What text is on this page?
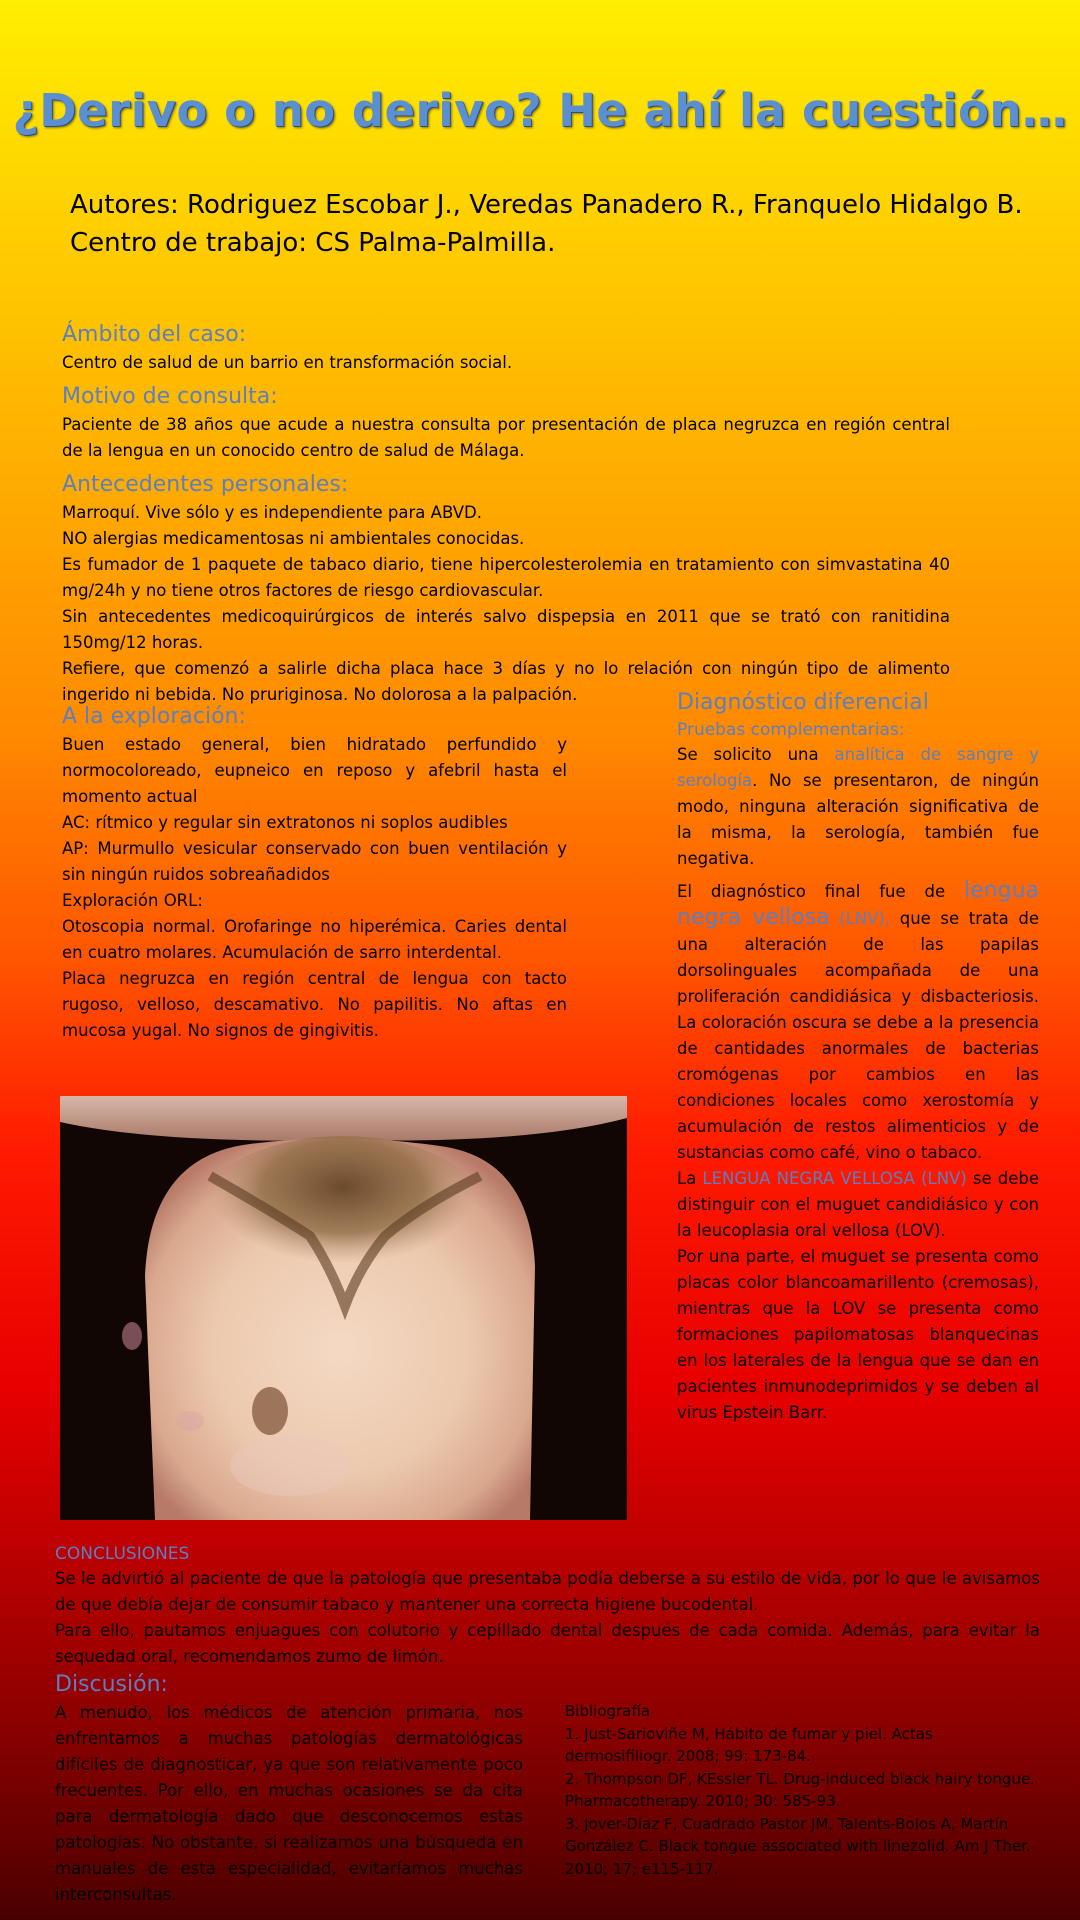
¿Derivo o no derivo? He ahí la cuestión…
Autores: Rodriguez Escobar J., Veredas Panadero R., Franquelo Hidalgo B.
Centro de trabajo: CS Palma-Palmilla.
Ámbito del caso:

Centro de salud de un barrio en transformación social.

Motivo de consulta:

Paciente de 38 años que acude a nuestra consulta por presentación de placa negruzca en región central de la lengua en un conocido centro de salud de Málaga.

Antecedentes personales:

Marroquí. Vive sólo y es independiente para ABVD.

NO alergias medicamentosas ni ambientales conocidas.

Es fumador de 1 paquete de tabaco diario, tiene hipercolesterolemia en tratamiento con simvastatina 40 mg/24h y no tiene otros factores de riesgo cardiovascular.

Sin antecedentes medicoquirúrgicos de interés salvo dispepsia en 2011 que se trató con ranitidina 150mg/12 horas.

Refiere, que comenzó a salirle dicha placa hace 3 días y no lo relación con ningún tipo de alimento ingerido ni bebida. No pruriginosa. No dolorosa a la palpación.

A la exploración:

Buen estado general, bien hidratado perfundido y normocoloreado, eupneico en reposo y afebril hasta el momento actual

AC: rítmico y regular sin extratonos ni soplos audibles

AP: Murmullo vesicular conservado con buen ventilación y sin ningún ruidos sobreañadidos

Exploración ORL:

Otoscopia normal. Orofaringe no hiperémica. Caries dental en cuatro molares. Acumulación de sarro interdental.

Placa negruzca en región central de lengua con tacto rugoso, velloso, descamativo. No papilitis. No aftas en mucosa yugal. No signos de gingivitis.

Diagnóstico diferencial
Pruebas complementarias:

Se solicito una analítica de sangre y serología. No se presentaron, de ningún modo, ninguna alteración significativa de la misma, la serología, también fue negativa.

El diagnóstico final fue de lengua negra vellosa (LNV), que se trata de una alteración de las papilas dorsolinguales acompañada de una proliferación candidiásica y disbacteriosis. La coloración oscura se debe a la presencia de cantidades anormales de bacterias cromógenas por cambios en las condiciones locales como xerostomía y acumulación de restos alimenticios y de sustancias como café, vino o tabaco.

La LENGUA NEGRA VELLOSA (LNV) se debe distinguir con el muguet candidiásico y con la leucoplasia oral vellosa (LOV).

Por una parte, el muguet se presenta como placas color blancoamarillento (cremosas), mientras que la LOV se presenta como formaciones papilomatosas blanquecinas en los laterales de la lengua que se dan en pacientes inmunodeprimidos y se deben al virus Epstein Barr.

CONCLUSIONES

Se le advirtió al paciente de que la patología que presentaba podía deberse a su estilo de vida, por lo que le avisamos de que debía dejar de consumir tabaco y mantener una correcta higiene bucodental.

Para ello, pautamos enjuagues con colutorio y cepillado dental después de cada comida. Además, para evitar la sequedad oral, recomendamos zumo de limón.

Discusión:

A menudo, los médicos de atención primaria, nos enfrentamos a muchas patologías dermatológicas difíciles de diagnosticar, ya que son relativamente poco frecuentes. Por ello, en muchas ocasiones se da cita para dermatología dado que desconocemos estas patologías. No obstante, si realizamos una búsqueda en manuales de esta especialidad, evitaríamos muchas interconsultas.

Bibliografía
1. Just-Sarioviñe M, Hábito de fumar y piel. Actas dermosifiliogr. 2008; 99: 173-84.
2. Thompson DF, KEssler TL. Drug-induced black hairy tongue. Pharmacotherapy. 2010; 30: 585-93.
3. Jover-Díaz F, Cuadrado Pastor JM, Talents-Bolos A, Martín González C. Black tongue associated with linezolid. Am J Ther. 2010; 17; e115-117.
